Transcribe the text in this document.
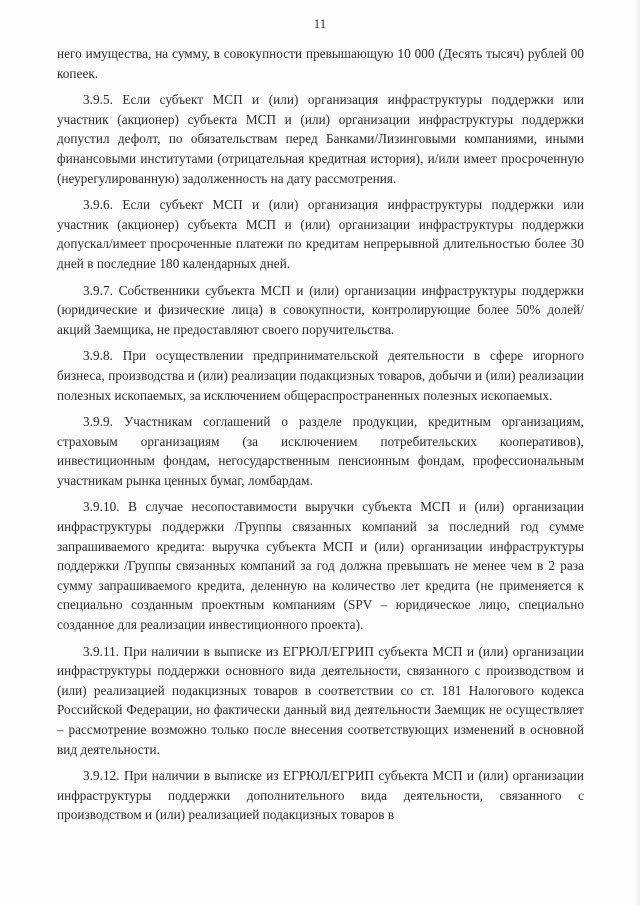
11

него имущества, на сумму, в совокупности превышающую 10 000 (Десять тысяч) рублей 00 копеек.

3.9.5. Если субъект МСП и (или) организация инфраструктуры поддержки или участник (акционер) субъекта МСП и (или) организации инфраструктуры поддержки допустил дефолт, по обязательствам перед Банками/Лизинговыми компаниями, иными финансовыми институтами (отрицательная кредитная история), и/или имеет просроченную (неурегулированную) задолженность на дату рассмотрения.

3.9.6. Если субъект МСП и (или) организация инфраструктуры поддержки или участник (акционер) субъекта МСП и (или) организации инфраструктуры поддержки допускал/имеет просроченные платежи по кредитам непрерывной длительностью более 30 дней в последние 180 календарных дней.

3.9.7. Собственники субъекта МСП и (или) организации инфраструктуры поддержки (юридические и физические лица) в совокупности, контролирующие более 50% долей/акций Заемщика, не предоставляют своего поручительства.

3.9.8. При осуществлении предпринимательской деятельности в сфере игорного бизнеса, производства и (или) реализации подакцизных товаров, добычи и (или) реализации полезных ископаемых, за исключением общераспространенных полезных ископаемых.

3.9.9. Участникам соглашений о разделе продукции, кредитным организациям, страховым организациям (за исключением потребительских кооперативов), инвестиционным фондам, негосударственным пенсионным фондам, профессиональным участникам рынка ценных бумаг, ломбардам.

3.9.10. В случае несопоставимости выручки субъекта МСП и (или) организации инфраструктуры поддержки /Группы связанных компаний за последний год сумме запрашиваемого кредита: выручка субъекта МСП и (или) организации инфраструктуры поддержки /Группы связанных компаний за год должна превышать не менее чем в 2 раза сумму запрашиваемого кредита, деленную на количество лет кредита (не применяется к специально созданным проектным компаниям (SPV – юридическое лицо, специально созданное для реализации инвестиционного проекта).

3.9.11. При наличии в выписке из ЕГРЮЛ/ЕГРИП субъекта МСП и (или) организации инфраструктуры поддержки основного вида деятельности, связанного с производством и (или) реализацией подакцизных товаров в соответствии со ст. 181 Налогового кодекса Российской Федерации, но фактически данный вид деятельности Заемщик не осуществляет – рассмотрение возможно только после внесения соответствующих изменений в основной вид деятельности.

3.9.12. При наличии в выписке из ЕГРЮЛ/ЕГРИП субъекта МСП и (или) организации инфраструктуры поддержки дополнительного вида деятельности, связанного с производством и (или) реализацией подакцизных товаров в
